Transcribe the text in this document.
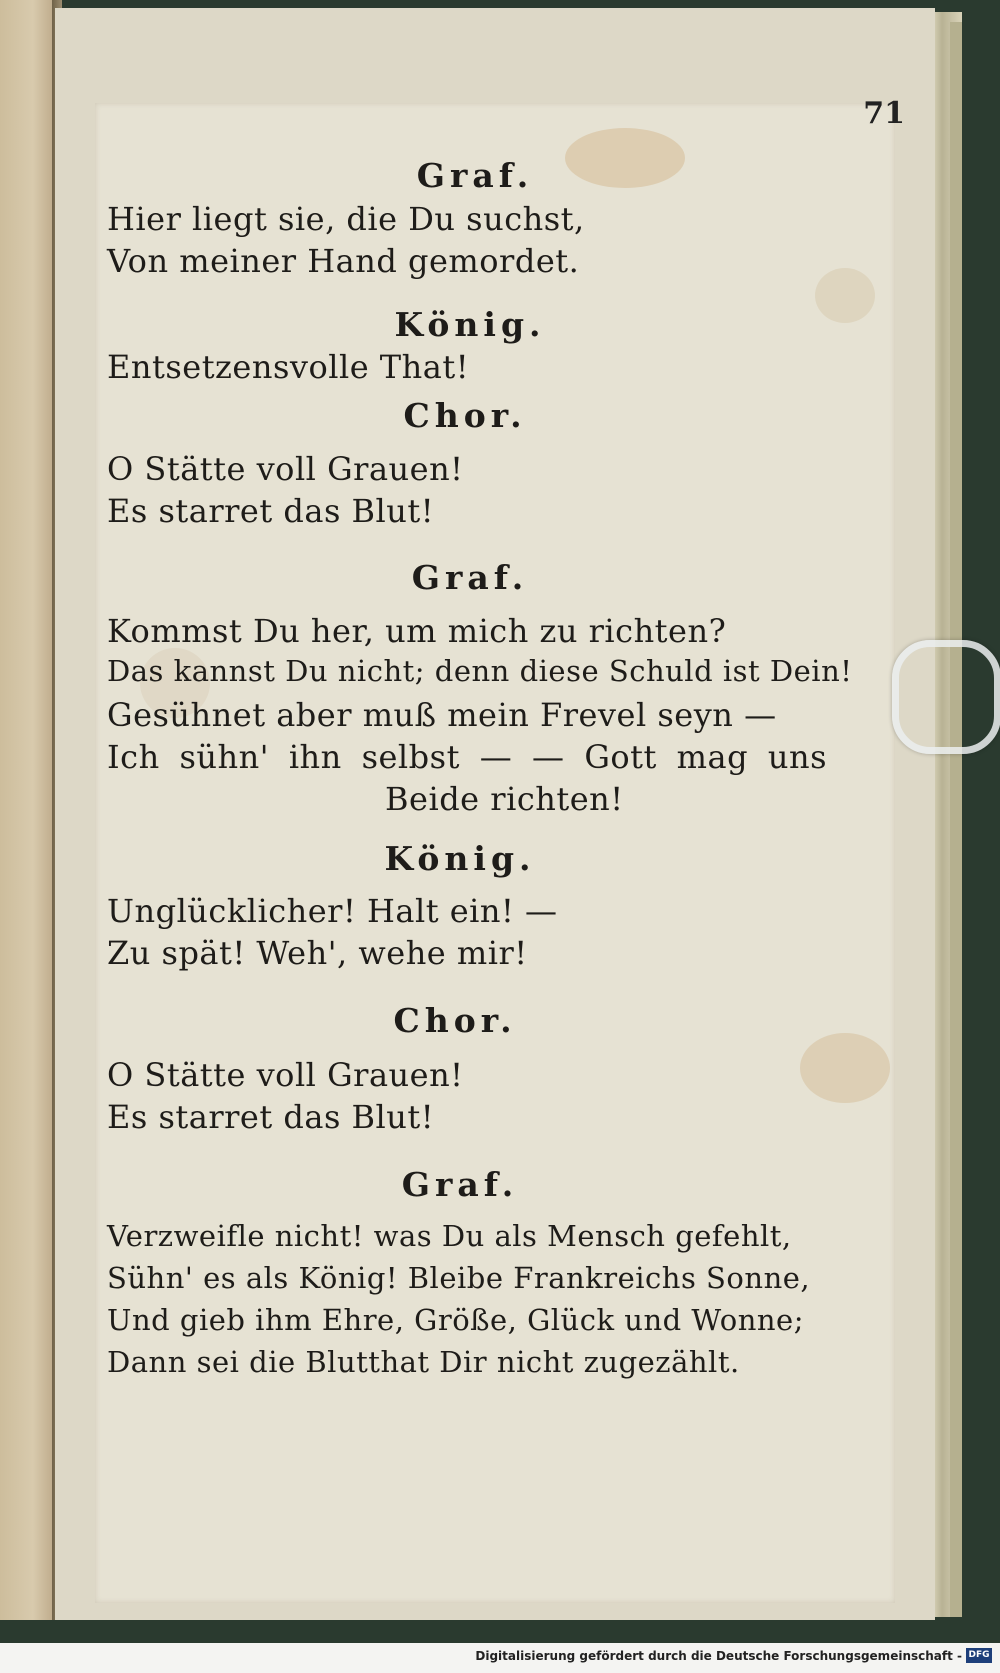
71
Graf.
Hier liegt sie, die Du suchst,
Von meiner Hand gemordet.
König.
Entsetzensvolle That!
Chor.
O Stätte voll Grauen!
Es starret das Blut!
Graf.
Kommst Du her, um mich zu richten?
Das kannst Du nicht; denn diese Schuld ist Dein!
Gesühnet aber muß mein Frevel seyn —
Ich sühn' ihn selbst — — Gott mag uns
Beide richten!
König.
Unglücklicher! Halt ein! —
Zu spät! Weh', wehe mir!
Chor.
O Stätte voll Grauen!
Es starret das Blut!
Graf.
Verzweifle nicht! was Du als Mensch gefehlt,
Sühn' es als König! Bleibe Frankreichs Sonne,
Und gieb ihm Ehre, Größe, Glück und Wonne;
Dann sei die Blutthat Dir nicht zugezählt.
Digitalisierung gefördert durch die Deutsche Forschungsgemeinschaft - DFG
